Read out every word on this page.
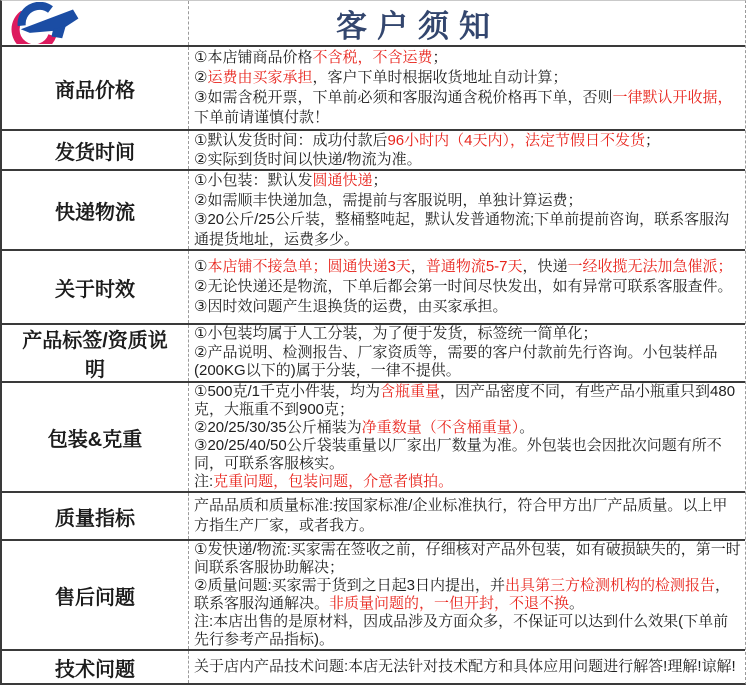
客户须知
商品价格

①本店铺商品价格不含税，不含运费；

②运费由买家承担，客户下单时根据收货地址自动计算；

③如需含税开票，下单前必须和客服沟通含税价格再下单，否则一律默认开收据，下单前请谨慎付款！

发货时间

①默认发货时间：成功付款后96小时内（4天内），法定节假日不发货；

②实际到货时间以快递/物流为准。

快递物流

①小包装：默认发圆通快递；

②如需顺丰快递加急，需提前与客服说明，单独计算运费；

③20公斤/25公斤装，整桶整吨起，默认发普通物流;下单前提前咨询，联系客服沟通提货地址，运费多少。

关于时效

①本店铺不接急单；圆通快递3天，普通物流5-7天，快递一经收揽无法加急催派；

②无论快递还是物流，下单后都会第一时间尽快发出，如有异常可联系客服查件。

③因时效问题产生退换货的运费，由买家承担。

产品标签/资质说明

①小包装均属于人工分装，为了便于发货，标签统一简单化；

②产品说明、检测报告、厂家资质等，需要的客户付款前先行咨询。小包装样品(200KG以下的)属于分装，一律不提供。

包装&克重

①500克/1千克小件装，均为含瓶重量，因产品密度不同，有些产品小瓶重只到480克，大瓶重不到900克；

②20/25/30/35公斤桶装为净重数量（不含桶重量）。

③20/25/40/50公斤袋装重量以厂家出厂数量为准。外包装也会因批次问题有所不同，可联系客服核实。

注:克重问题，包装问题，介意者慎拍。

质量指标

产品品质和质量标准:按国家标准/企业标准执行，符合甲方出厂产品质量。以上甲方指生产厂家，或者我方。

售后问题

①发快递/物流:买家需在签收之前，仔细核对产品外包装，如有破损缺失的，第一时间联系客服协助解决；

②质量问题:买家需于货到之日起3日内提出，并出具第三方检测机构的检测报告，联系客服沟通解决。非质量问题的，一但开封，不退不换。

注:本店出售的是原材料，因成品涉及方面众多，不保证可以达到什么效果(下单前先行参考产品指标)。

技术问题	关于店内产品技术问题:本店无法针对技术配方和具体应用问题进行解答!理解!谅解!
